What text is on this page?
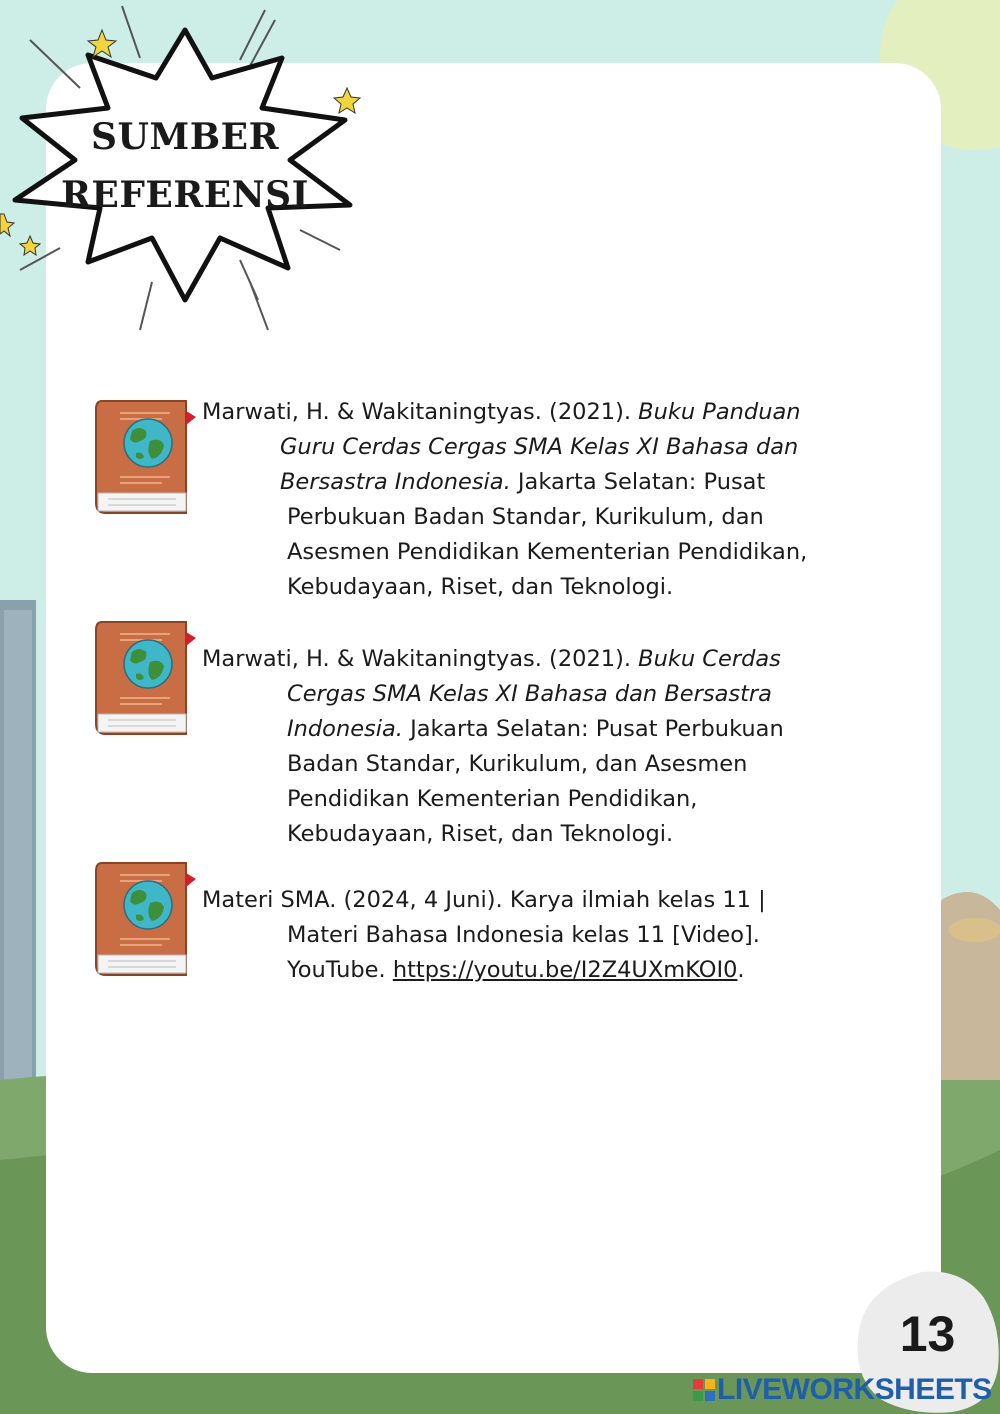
SUMBER
REFERENSI

Marwati, H. & Wakitaningtyas. (2021). Buku Panduan
Guru Cerdas Cergas SMA Kelas XI Bahasa dan
Bersastra Indonesia. Jakarta Selatan: Pusat
Perbukuan Badan Standar, Kurikulum, dan
Asesmen Pendidikan Kementerian Pendidikan,
Kebudayaan, Riset, dan Teknologi.

Marwati, H. & Wakitaningtyas. (2021). Buku Cerdas
Cergas SMA Kelas XI Bahasa dan Bersastra
Indonesia. Jakarta Selatan: Pusat Perbukuan
Badan Standar, Kurikulum, dan Asesmen
Pendidikan Kementerian Pendidikan,
Kebudayaan, Riset, dan Teknologi.

Materi SMA. (2024, 4 Juni). Karya ilmiah kelas 11 |
Materi Bahasa Indonesia kelas 11 [Video].
YouTube. https://youtu.be/I2Z4UXmKOI0.

13
LIVEWORKSHEETS
